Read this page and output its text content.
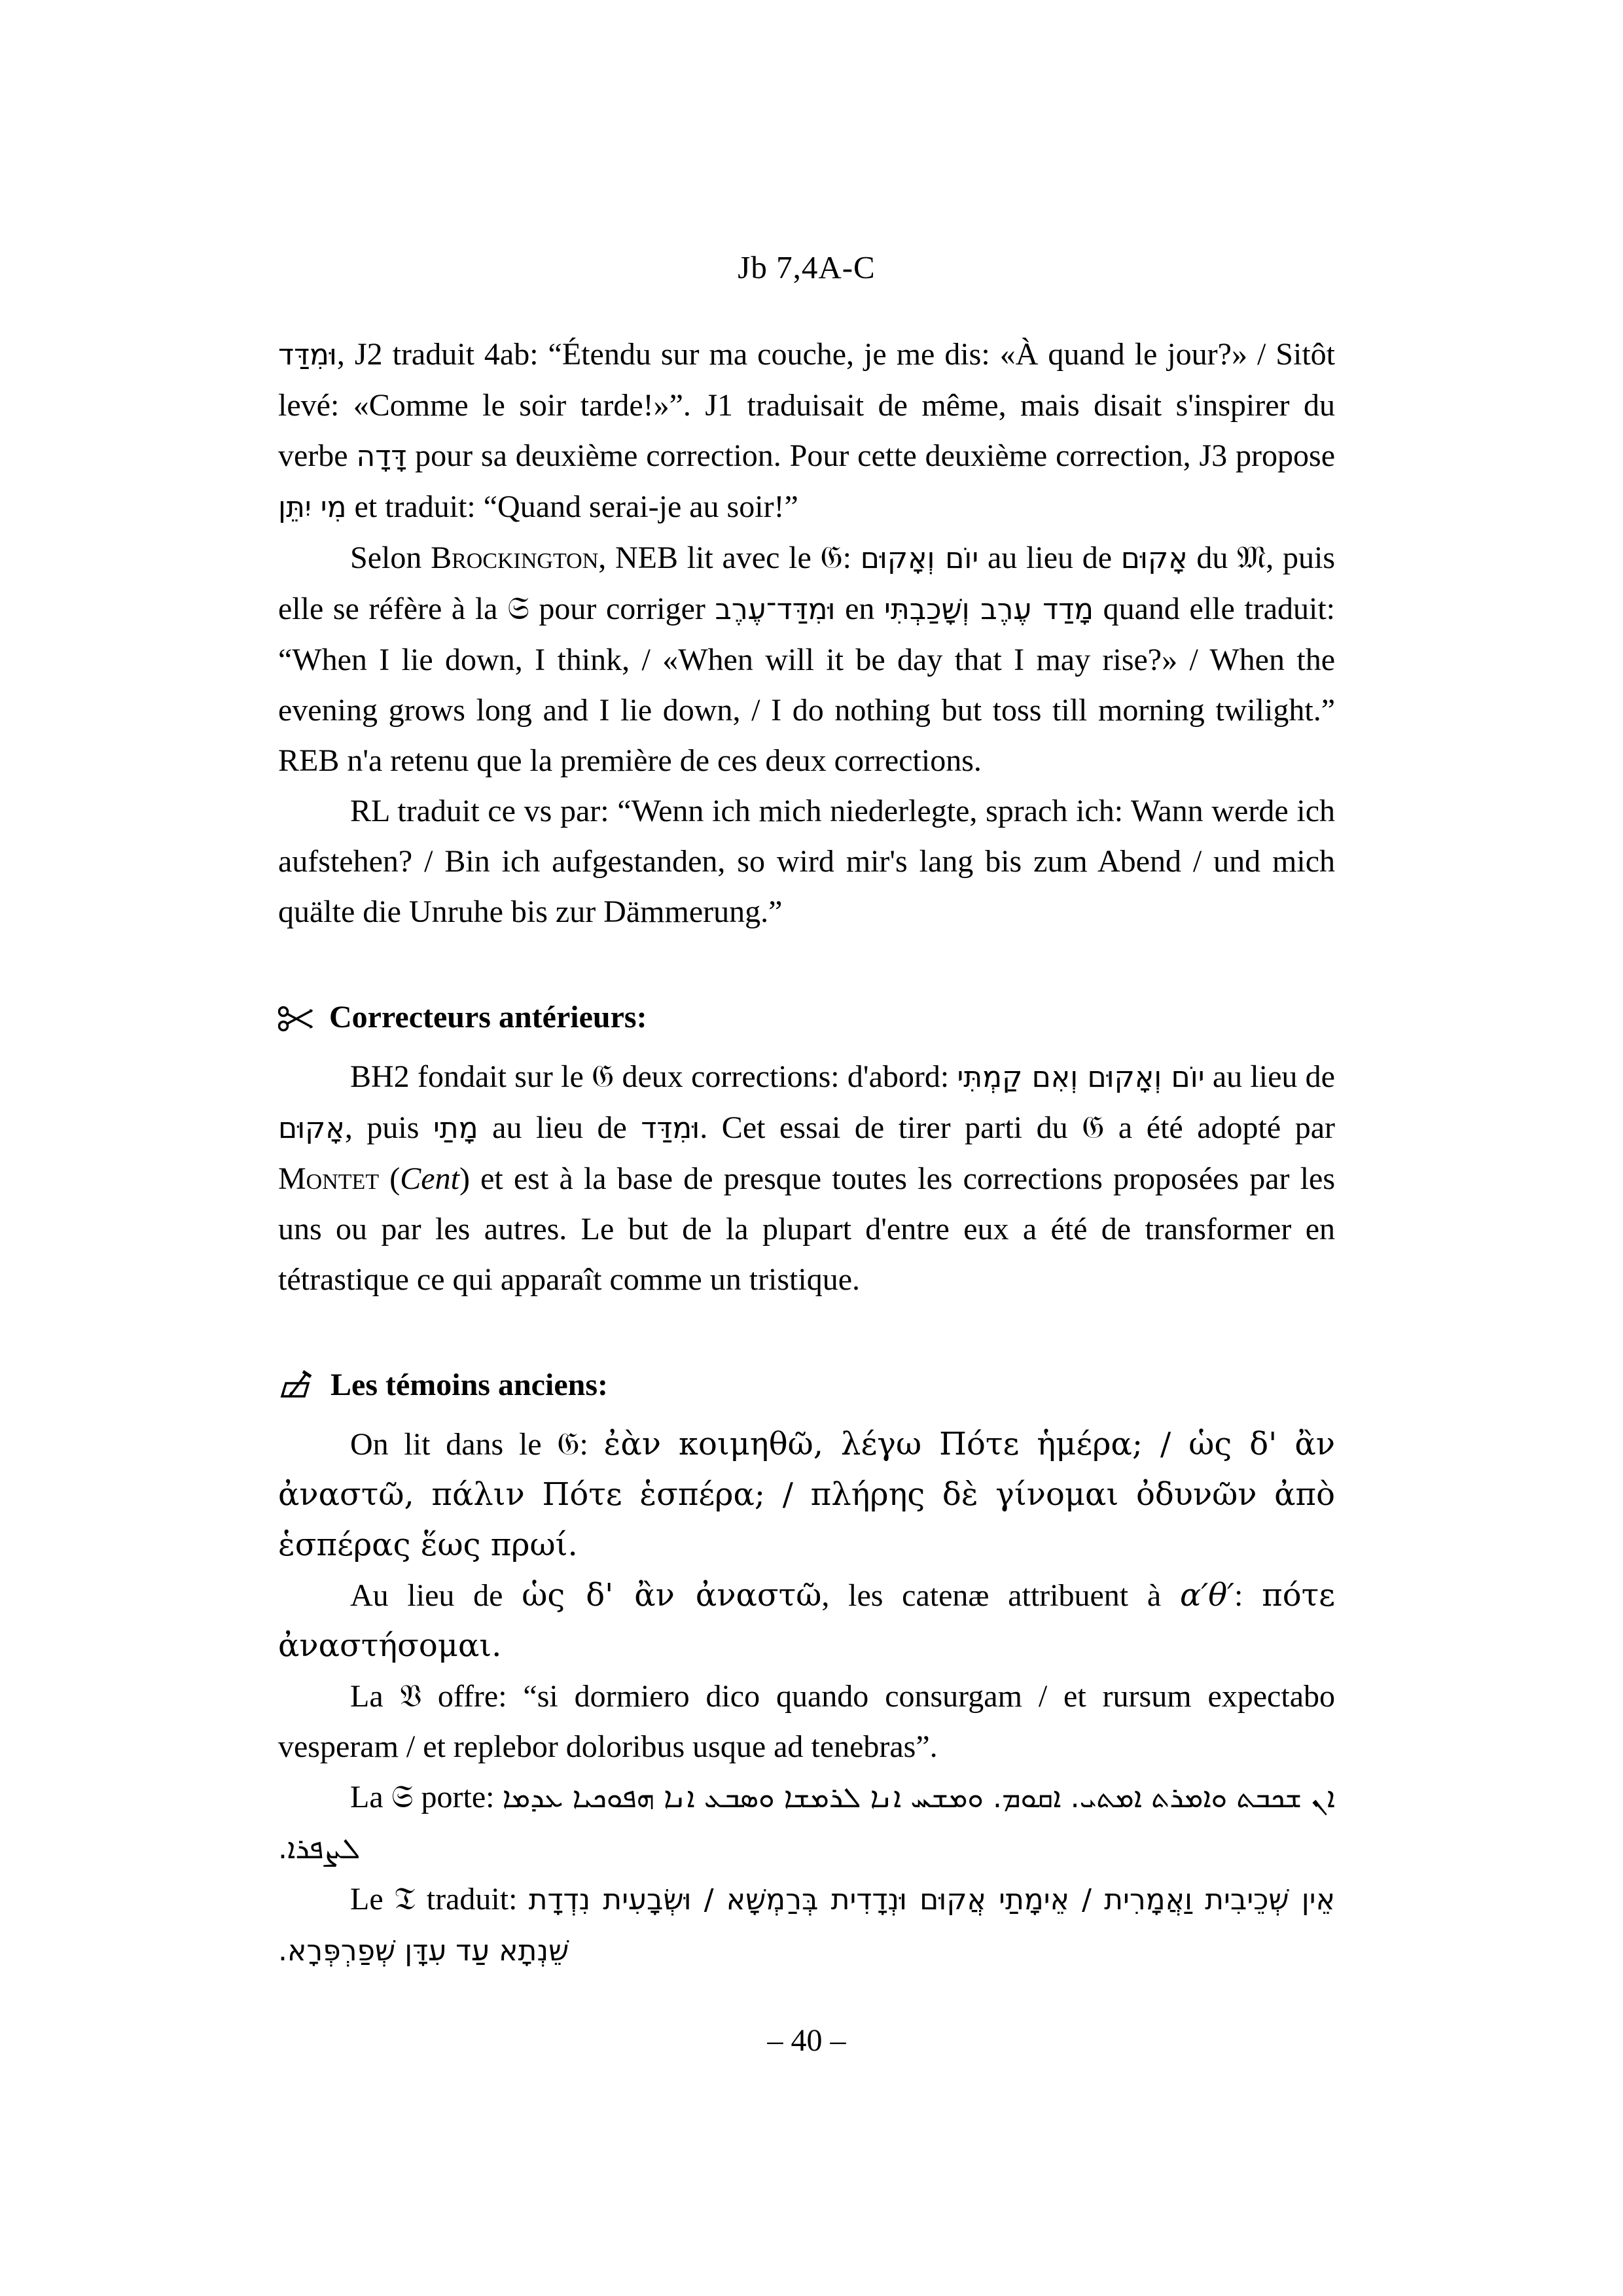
Jb 7,4A-C

וּמִדַּד, J2 traduit 4ab: “Étendu sur ma couche, je me dis: «À quand le jour?» / Sitôt levé: «Comme le soir tarde!»”. J1 traduisait de même, mais disait s'inspirer du verbe דָּדָה pour sa deuxième correction. Pour cette deuxième correction, J3 propose מִי יִתֵּן et traduit: “Quand serai-je au soir!”

Selon Brockington, NEB lit avec le 𝔊: יוֹם וְאָקוּם au lieu de אָקוּם du 𝔐, puis elle se réfère à la 𝔖 pour corriger וּמִדַּד־עֶרֶב en מָדַד עֶרֶב וְשָׁכַבְתִּי quand elle traduit: “When I lie down, I think, / «When will it be day that I may rise?» / When the evening grows long and I lie down, / I do nothing but toss till morning twilight.” REB n'a retenu que la première de ces deux corrections.

RL traduit ce vs par: “Wenn ich mich niederlegte, sprach ich: Wann werde ich aufstehen? / Bin ich aufgestanden, so wird mir's lang bis zum Abend / und mich quälte die Unruhe bis zur Dämmerung.”

Correcteurs antérieurs:

BH2 fondait sur le 𝔊 deux corrections: d'abord: יוֹם וְאָקוּם וְאִם קַמְתִּי au lieu de אָקוּם, puis מָתַי au lieu de וּמִדַּד. Cet essai de tirer parti du 𝔊 a été adopté par Montet (Cent) et est à la base de presque toutes les corrections proposées par les uns ou par les autres. Le but de la plupart d'entre eux a été de transformer en tétrastique ce qui apparaît comme un tristique.

Les témoins anciens:

On lit dans le 𝔊: ἐὰν κοιμηθῶ, λέγω Πότε ἡμέρα; / ὡς δ' ἂν ἀναστῶ, πάλιν Πότε ἑσπέρα; / πλήρης δὲ γίνομαι ὀδυνῶν ἀπὸ ἑσπέρας ἕως πρωί.

Au lieu de ὡς δ' ἂν ἀναστῶ, les catenæ attribuent à α′θ′: πότε ἀναστήσομαι.

La 𝔙 offre: “si dormiero dico quando consurgam / et rursum expectabo vesperam / et replebor doloribus usque ad tenebras”.

La 𝔖 porte: ܐܢ ܫܟܒܬ ܘܐܡܪܬ ܐܡܬܝ. ܐܩܘܡ. ܘܡܫܚ ܐܢܐ ܠܪܡܫܐ ܘܣܒܥ ܐܢܐ ܗܦܘܟܝܐ ܥܕܡܐ ܠܨܦܪܐ.

Le 𝔗 traduit: אֵין שְׁכֵיבִית וַאֲמָרִית / אֵימָתַי אֲקוּם וּנְדָדִית בְּרַמְשָׁא / וּשְׂבָעִית נִדְדָת שֵׁנְתָא עַד עִדָּן שְׁפַרְפְּרָא.

– 40 –
